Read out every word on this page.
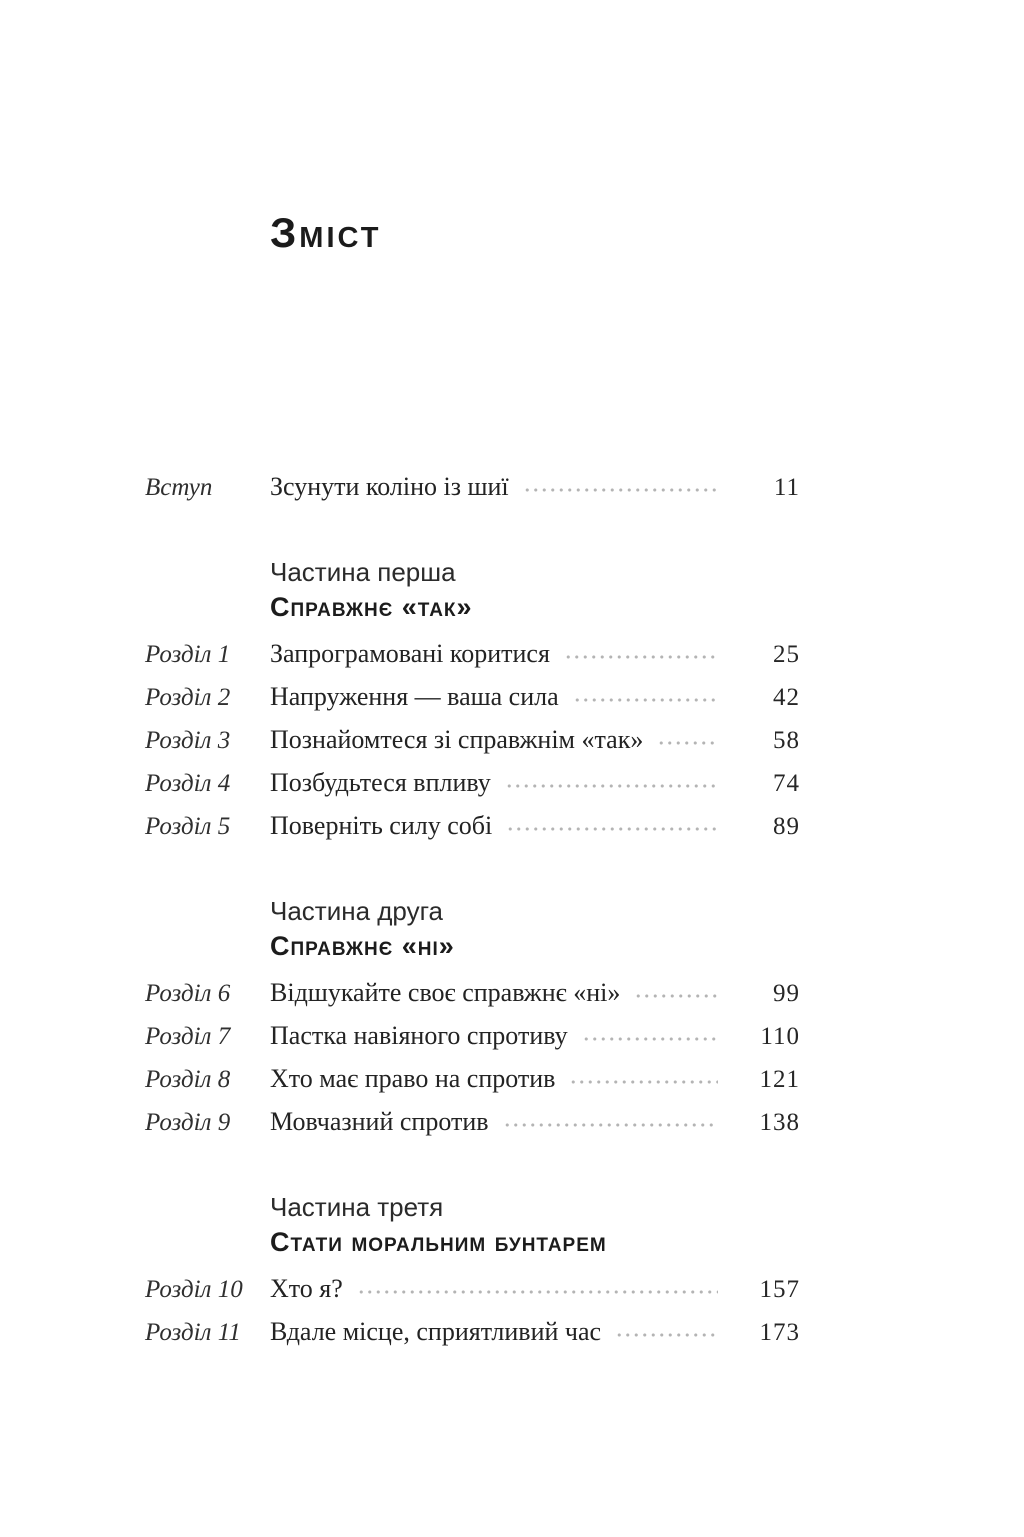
Зміст
Вступ	Зсунути коліно із шиї	11
Частина перша
Справжнє «так»
Розділ 1	Запрограмовані коритися	25
Розділ 2	Напруження — ваша сила	42
Розділ 3	Познайомтеся зі справжнім «так»	58
Розділ 4	Позбудьтеся впливу	74
Розділ 5	Поверніть силу собі	89
Частина друга
Справжнє «ні»
Розділ 6	Відшукайте своє справжнє «ні»	99
Розділ 7	Пастка навіяного спротиву	110
Розділ 8	Хто має право на спротив	121
Розділ 9	Мовчазний спротив	138
Частина третя
Стати моральним бунтарем
Розділ 10	Хто я?	157
Розділ 11	Вдале місце, сприятливий час	173
